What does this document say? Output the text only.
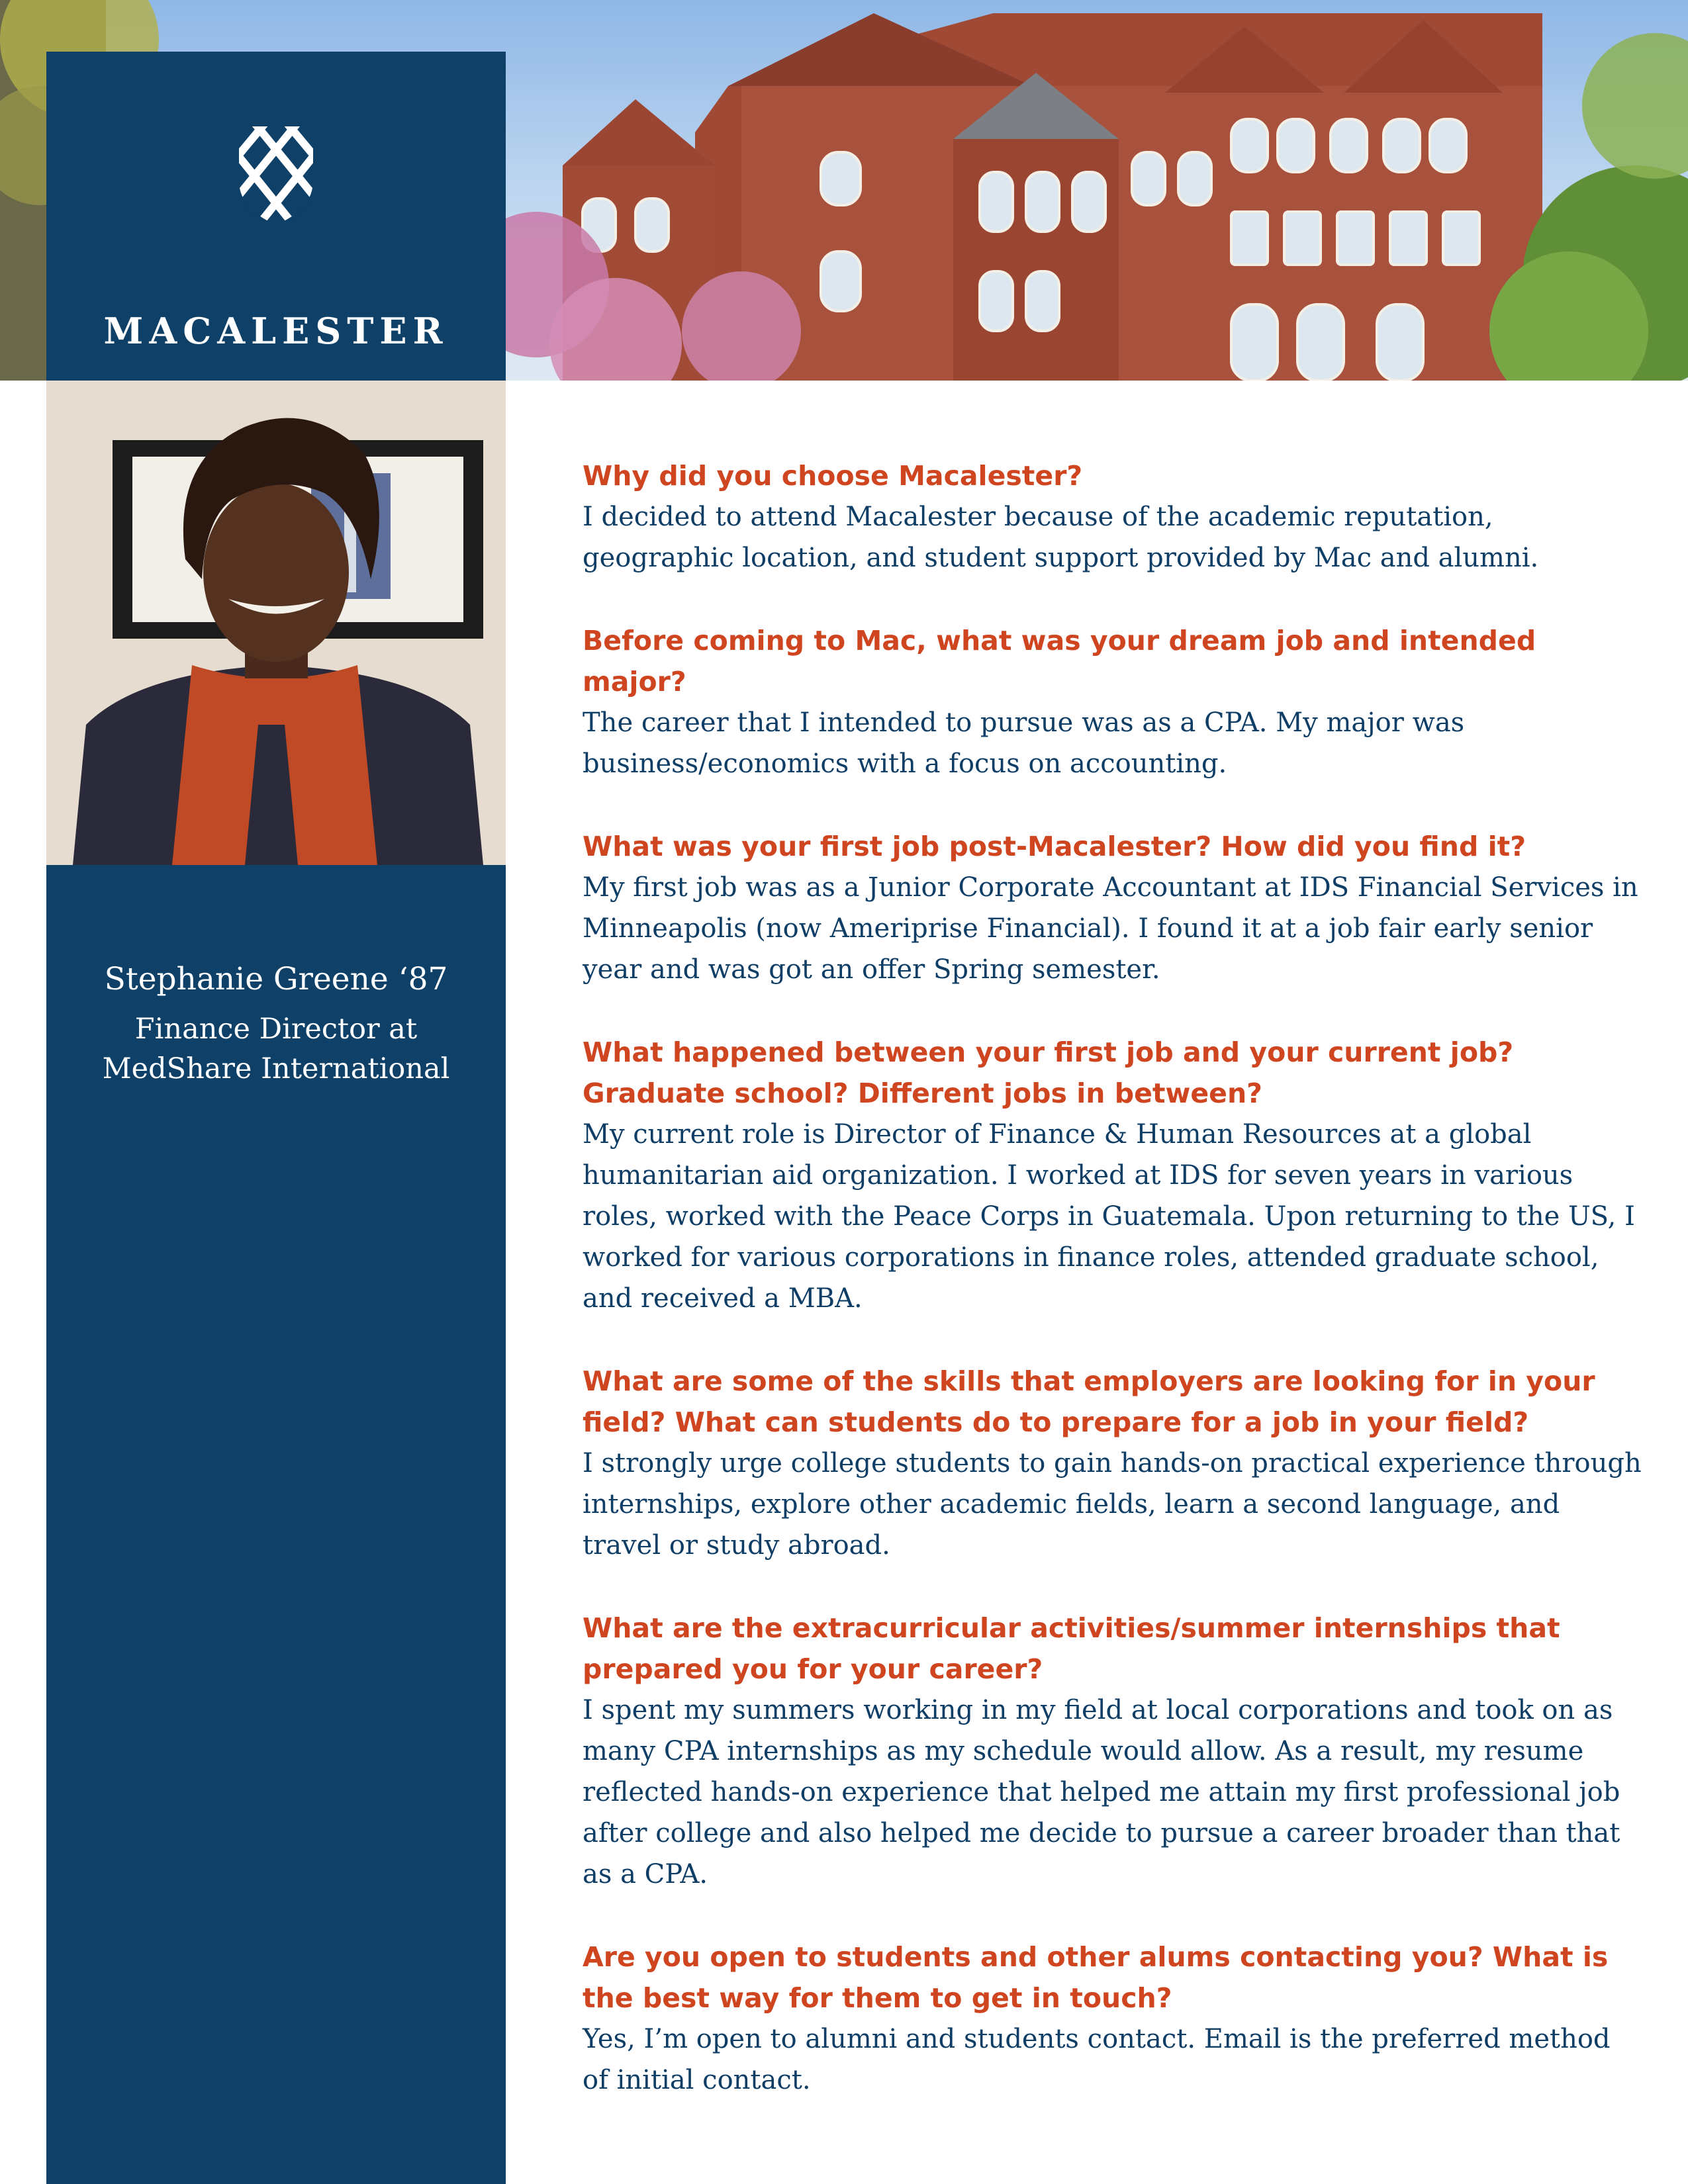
MACALESTER
Stephanie Greene ‘87
Finance Director at
MedShare International

Why did you choose Macalester?

I decided to attend Macalester because of the academic reputation, geographic location, and student support provided by Mac and alumni.

Before coming to Mac, what was your dream job and intended major?

The career that I intended to pursue was as a CPA. My major was business/economics with a focus on accounting.

What was your first job post-Macalester? How did you find it?

My first job was as a Junior Corporate Accountant at IDS Financial Services in Minneapolis (now Ameriprise Financial). I found it at a job fair early senior year and was got an offer Spring semester.

What happened between your first job and your current job? Graduate school? Different jobs in between?

My current role is Director of Finance & Human Resources at a global humanitarian aid organization. I worked at IDS for seven years in various roles, worked with the Peace Corps in Guatemala. Upon returning to the US, I worked for various corporations in finance roles, attended graduate school, and received a MBA.

What are some of the skills that employers are looking for in your field? What can students do to prepare for a job in your field?

I strongly urge college students to gain hands-on practical experience through internships, explore other academic fields, learn a second language, and travel or study abroad.

What are the extracurricular activities/summer internships that prepared you for your career?

I spent my summers working in my field at local corporations and took on as many CPA internships as my schedule would allow. As a result, my resume reflected hands-on experience that helped me attain my first professional job after college and also helped me decide to pursue a career broader than that as a CPA.

Are you open to students and other alums contacting you? What is the best way for them to get in touch?

Yes, I’m open to alumni and students contact. Email is the preferred method of initial contact.
